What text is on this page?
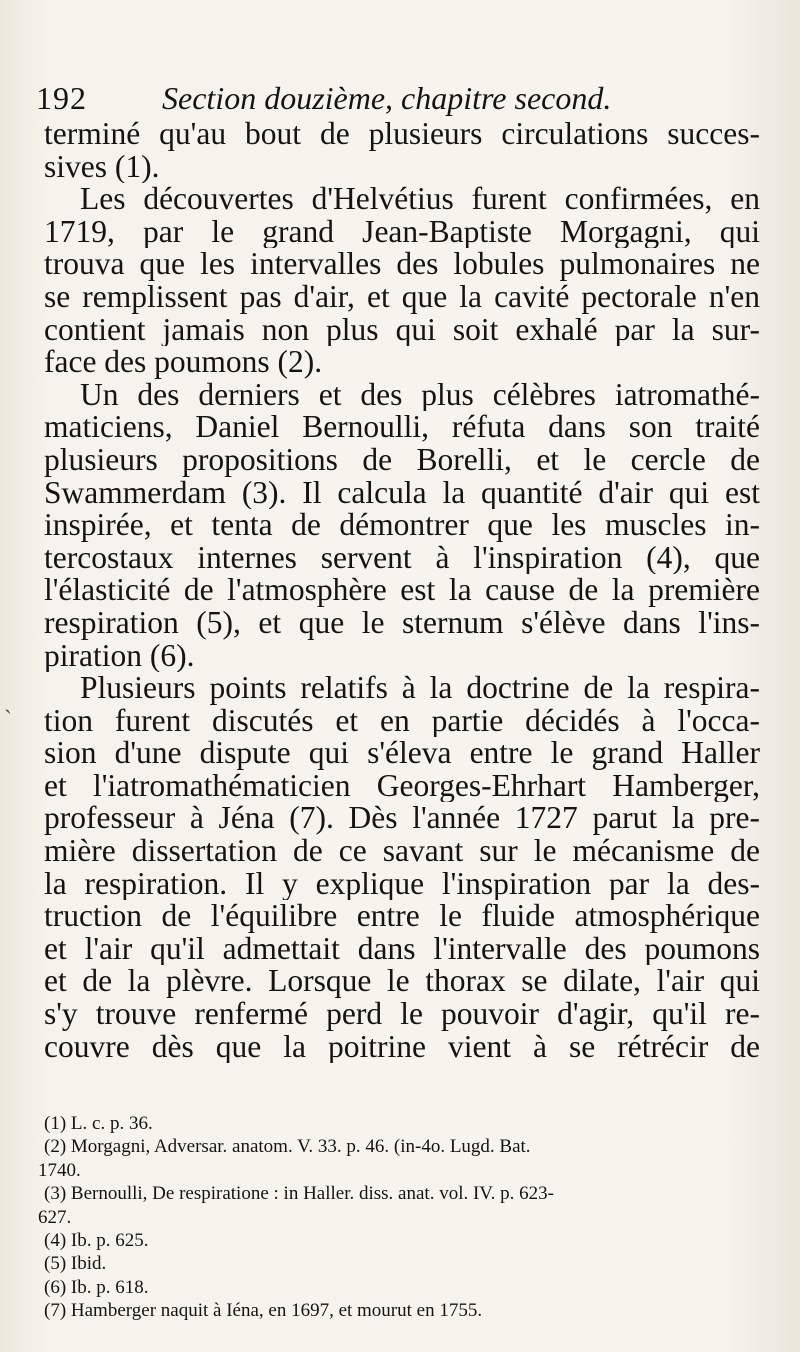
192 Section douzième, chapitre second.
ˏ
terminé qu'au bout de plusieurs circulations succes-
sives (1).
Les découvertes d'Helvétius furent confirmées, en
1719, par le grand Jean-Baptiste Morgagni, qui
trouva que les intervalles des lobules pulmonaires ne
se remplissent pas d'air, et que la cavité pectorale n'en
contient jamais non plus qui soit exhalé par la sur-
face des poumons (2).
Un des derniers et des plus célèbres iatromathé-
maticiens, Daniel Bernoulli, réfuta dans son traité
plusieurs propositions de Borelli, et le cercle de
Swammerdam (3). Il calcula la quantité d'air qui est
inspirée, et tenta de démontrer que les muscles in-
tercostaux internes servent à l'inspiration (4), que
l'élasticité de l'atmosphère est la cause de la première
respiration (5), et que le sternum s'élève dans l'ins-
piration (6).
Plusieurs points relatifs à la doctrine de la respira-
tion furent discutés et en partie décidés à l'occa-
sion d'une dispute qui s'éleva entre le grand Haller
et l'iatromathématicien Georges-Ehrhart Hamberger,
professeur à Jéna (7). Dès l'année 1727 parut la pre-
mière dissertation de ce savant sur le mécanisme de
la respiration. Il y explique l'inspiration par la des-
truction de l'équilibre entre le fluide atmosphérique
et l'air qu'il admettait dans l'intervalle des poumons
et de la plèvre. Lorsque le thorax se dilate, l'air qui
s'y trouve renfermé perd le pouvoir d'agir, qu'il re-
couvre dès que la poitrine vient à se rétrécir de
(1) L. c. p. 36.
(2) Morgagni, Adversar. anatom. V. 33. p. 46. (in-4o. Lugd. Bat.
1740.
(3) Bernoulli, De respiratione : in Haller. diss. anat. vol. IV. p. 623-
627.
(4) Ib. p. 625.
(5) Ibid.
(6) Ib. p. 618.
(7) Hamberger naquit à Iéna, en 1697, et mourut en 1755.
